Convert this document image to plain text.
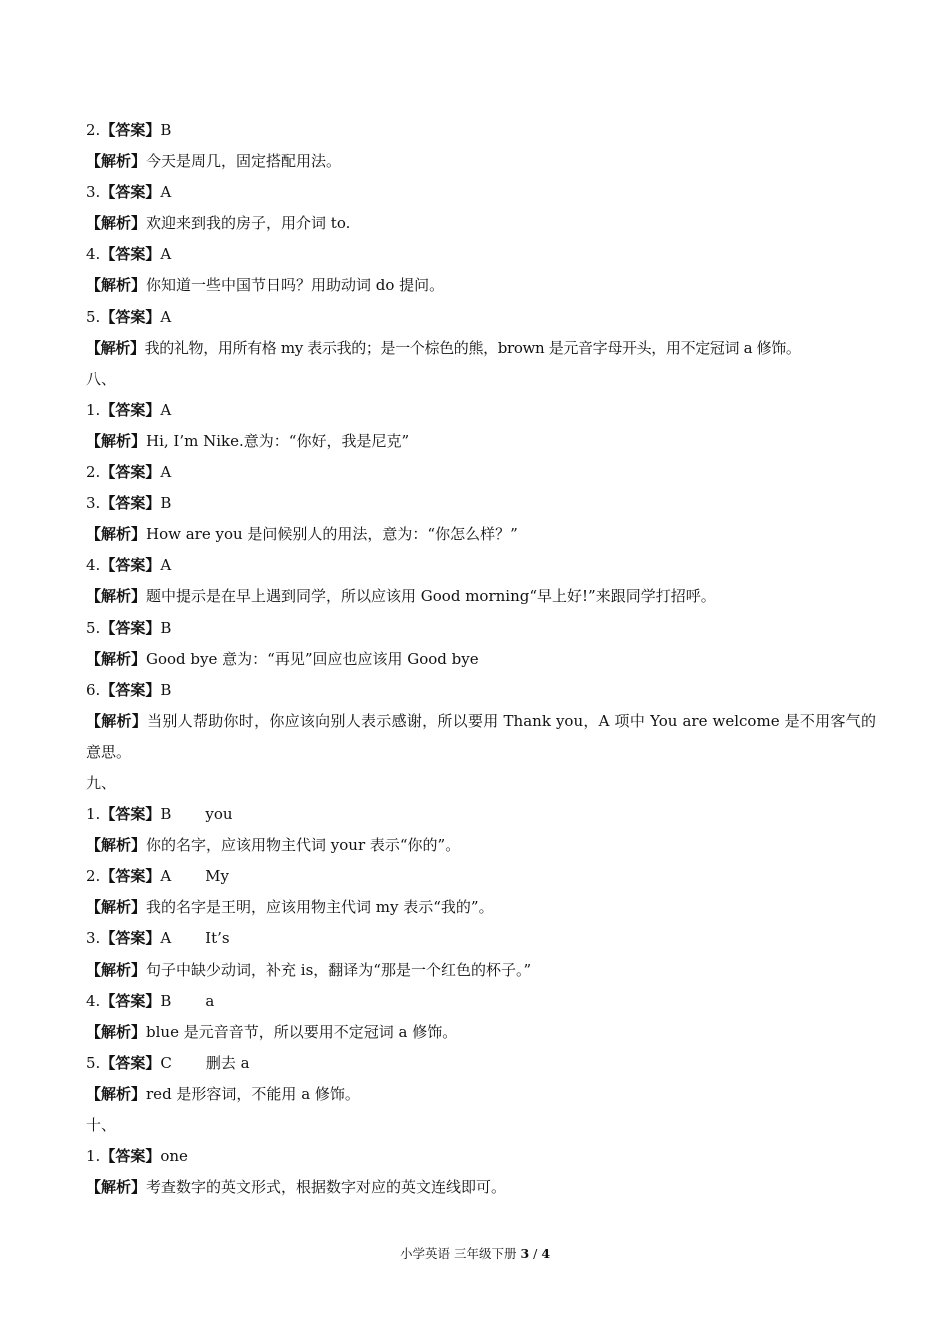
2.【答案】B
【解析】今天是周几，固定搭配用法。
3.【答案】A
【解析】欢迎来到我的房子，用介词 to.
4.【答案】A
【解析】你知道一些中国节日吗？用助动词 do 提问。
5.【答案】A
【解析】我的礼物，用所有格 my 表示我的；是一个棕色的熊，brown 是元音字母开头，用不定冠词 a 修饰。
八、
1.【答案】A
【解析】Hi, I’m Nike.意为：“你好，我是尼克”
2.【答案】A
3.【答案】B
【解析】How are you 是问候别人的用法，意为：“你怎么样？”
4.【答案】A
【解析】题中提示是在早上遇到同学，所以应该用 Good morning“早上好!”来跟同学打招呼。
5.【答案】B
【解析】Good bye 意为：“再见”回应也应该用 Good bye
6.【答案】B
【解析】当别人帮助你时，你应该向别人表示感谢，所以要用 Thank you，A 项中 You are welcome 是不用客气的意思。
九、
1.【答案】B you
【解析】你的名字，应该用物主代词 your 表示“你的”。
2.【答案】A My
【解析】我的名字是王明，应该用物主代词 my 表示“我的”。
3.【答案】A It’s
【解析】句子中缺少动词，补充 is，翻译为“那是一个红色的杯子。”
4.【答案】B a
【解析】blue 是元音音节，所以要用不定冠词 a 修饰。
5.【答案】C 删去 a
【解析】red 是形容词，不能用 a 修饰。
十、
1.【答案】one
【解析】考查数字的英文形式，根据数字对应的英文连线即可。
小学英语 三年级下册 3 / 4
